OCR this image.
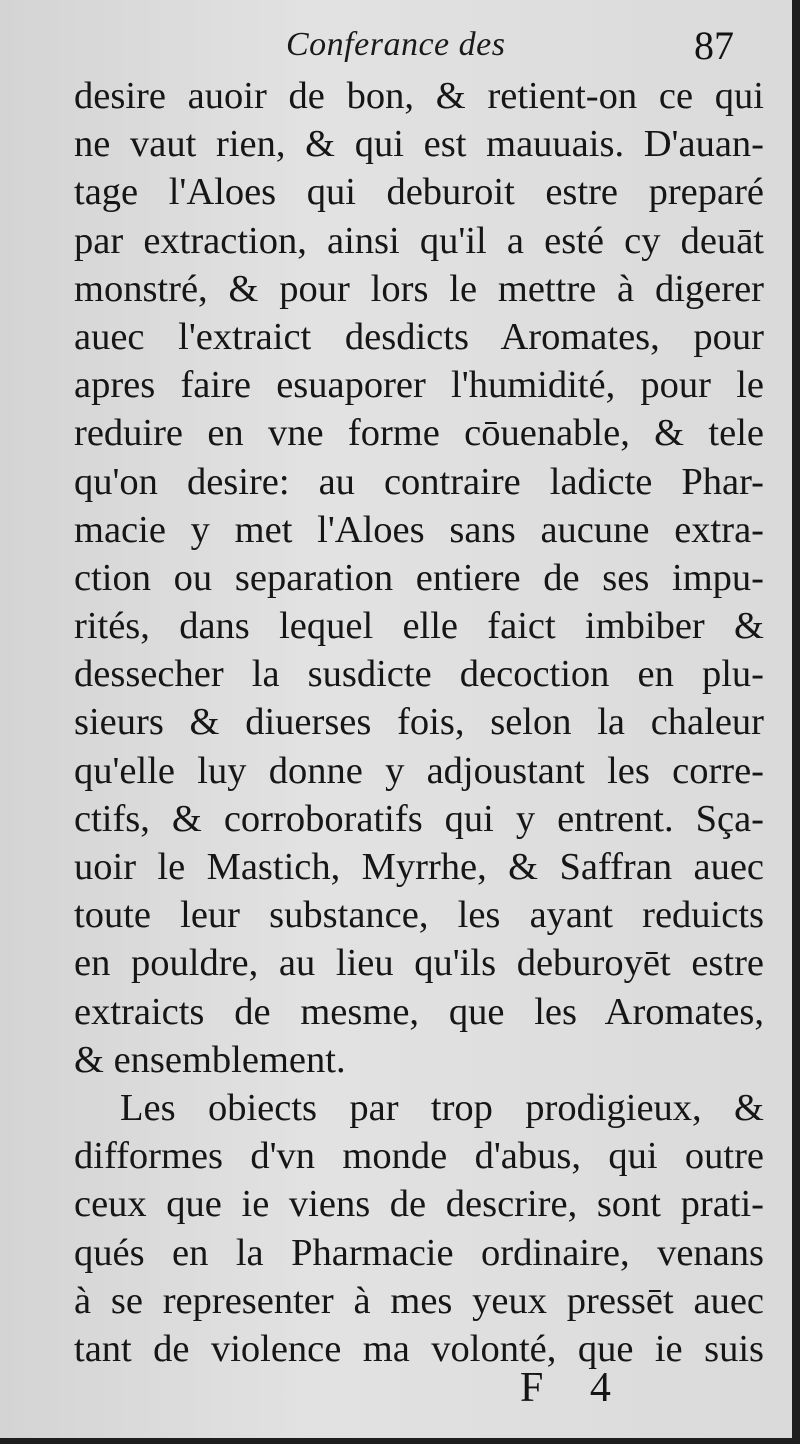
Conferance des	87
desire auoir de bon, & retient-on ce qui
ne vaut rien, & qui est mauuais. D'auan-
tage l'Aloes qui deburoit estre preparé
par extraction, ainsi qu'il a esté cy deuāt
monstré, & pour lors le mettre à digerer
auec l'extraict desdicts Aromates, pour
apres faire esuaporer l'humidité, pour le
reduire en vne forme cōuenable, & tele
qu'on desire: au contraire ladicte Phar-
macie y met l'Aloes sans aucune extra-
ction ou separation entiere de ses impu-
rités, dans lequel elle faict imbiber &
dessecher la susdicte decoction en plu-
sieurs & diuerses fois, selon la chaleur
qu'elle luy donne y adjoustant les corre-
ctifs, & corroboratifs qui y entrent. Sça-
uoir le Mastich, Myrrhe, & Saffran auec
toute leur substance, les ayant reduicts
en pouldre, au lieu qu'ils deburoyēt estre
extraicts de mesme, que les Aromates,
& ensemblement.
Les obiects par trop prodigieux, &
difformes d'vn monde d'abus, qui outre
ceux que ie viens de descrire, sont prati-
qués en la Pharmacie ordinaire, venans
à se representer à mes yeux pressēt auec
tant de violence ma volonté, que ie suis
F 4
